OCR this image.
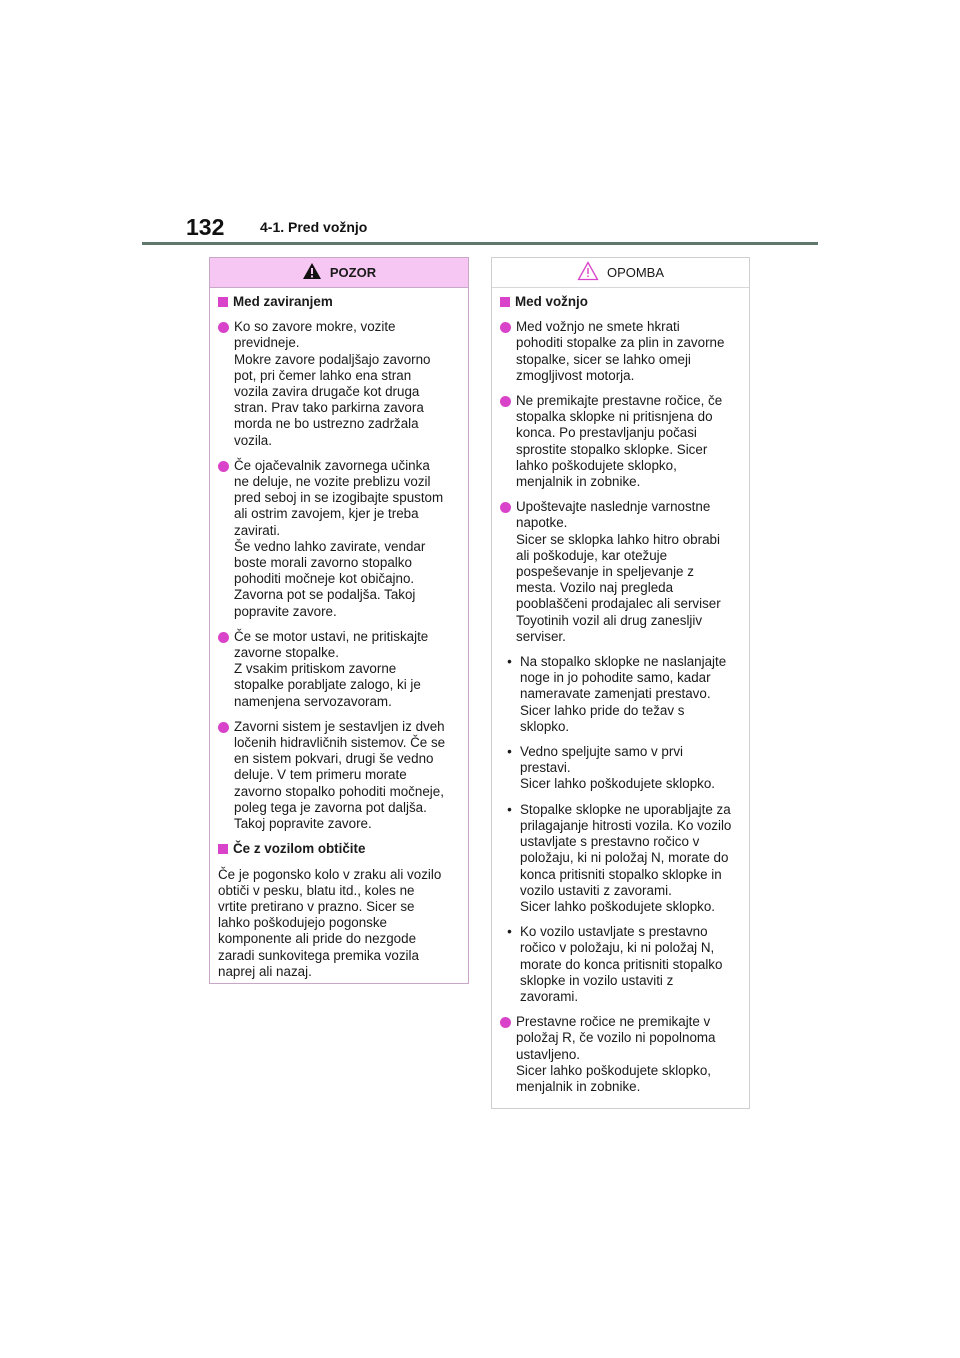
132	4-1. Pred vožnjo
POZOR
Med zaviranjem
Ko so zavore mokre, vozite
previdneje.
Mokre zavore podaljšajo zavorno
pot, pri čemer lahko ena stran
vozila zavira drugače kot druga
stran. Prav tako parkirna zavora
morda ne bo ustrezno zadržala
vozila.
Če ojačevalnik zavornega učinka
ne deluje, ne vozite preblizu vozil
pred seboj in se izogibajte spustom
ali ostrim zavojem, kjer je treba
zavirati.
Še vedno lahko zavirate, vendar
boste morali zavorno stopalko
pohoditi močneje kot običajno.
Zavorna pot se podaljša. Takoj
popravite zavore.
Če se motor ustavi, ne pritiskajte
zavorne stopalke.
Z vsakim pritiskom zavorne
stopalke porabljate zalogo, ki je
namenjena servozavoram.
Zavorni sistem je sestavljen iz dveh
ločenih hidravličnih sistemov. Če se
en sistem pokvari, drugi še vedno
deluje. V tem primeru morate
zavorno stopalko pohoditi močneje,
poleg tega je zavorna pot daljša.
Takoj popravite zavore.
Če z vozilom obtičite
Če je pogonsko kolo v zraku ali vozilo
obtiči v pesku, blatu itd., koles ne
vrtite pretirano v prazno. Sicer se
lahko poškodujejo pogonske
komponente ali pride do nezgode
zaradi sunkovitega premika vozila
naprej ali nazaj.
OPOMBA
Med vožnjo
Med vožnjo ne smete hkrati
pohoditi stopalke za plin in zavorne
stopalke, sicer se lahko omeji
zmogljivost motorja.
Ne premikajte prestavne ročice, če
stopalka sklopke ni pritisnjena do
konca. Po prestavljanju počasi
sprostite stopalko sklopke. Sicer
lahko poškodujete sklopko,
menjalnik in zobnike.
Upoštevajte naslednje varnostne
napotke.
Sicer se sklopka lahko hitro obrabi
ali poškoduje, kar otežuje
pospeševanje in speljevanje z
mesta. Vozilo naj pregleda
pooblaščeni prodajalec ali serviser
Toyotinih vozil ali drug zanesljiv
serviser.
• Na stopalko sklopke ne naslanjajte
noge in jo pohodite samo, kadar
nameravate zamenjati prestavo.
Sicer lahko pride do težav s
sklopko.
• Vedno speljujte samo v prvi
prestavi.
Sicer lahko poškodujete sklopko.
• Stopalke sklopke ne uporabljajte za
prilagajanje hitrosti vozila. Ko vozilo
ustavljate s prestavno ročico v
položaju, ki ni položaj N, morate do
konca pritisniti stopalko sklopke in
vozilo ustaviti z zavorami.
Sicer lahko poškodujete sklopko.
• Ko vozilo ustavljate s prestavno
ročico v položaju, ki ni položaj N,
morate do konca pritisniti stopalko
sklopke in vozilo ustaviti z
zavorami.
Prestavne ročice ne premikajte v
položaj R, če vozilo ni popolnoma
ustavljeno.
Sicer lahko poškodujete sklopko,
menjalnik in zobnike.
